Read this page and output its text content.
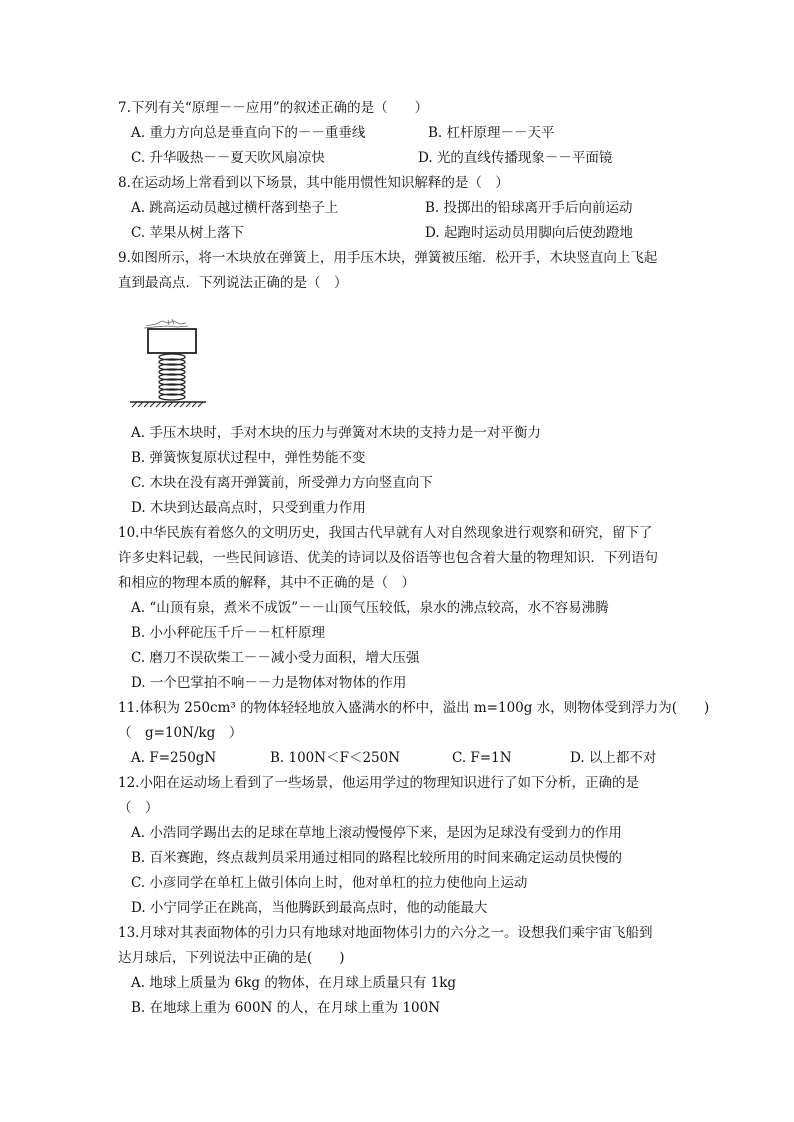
7.下列有关“原理－－应用”的叙述正确的是（　　）
A. 重力方向总是垂直向下的－－重垂线	B. 杠杆原理－－天平
C. 升华吸热－－夏天吹风扇凉快	D. 光的直线传播现象－－平面镜
8.在运动场上常看到以下场景，其中能用惯性知识解释的是（　）
A. 跳高运动员越过横杆落到垫子上	B. 投掷出的铅球离开手后向前运动
C. 苹果从树上落下	D. 起跑时运动员用脚向后使劲蹬地
9.如图所示，将一木块放在弹簧上，用手压木块，弹簧被压缩．松开手，木块竖直向上飞起
直到最高点．下列说法正确的是（　）
A. 手压木块时，手对木块的压力与弹簧对木块的支持力是一对平衡力
B. 弹簧恢复原状过程中，弹性势能不变
C. 木块在没有离开弹簧前，所受弹力方向竖直向下
D. 木块到达最高点时，只受到重力作用
10.中华民族有着悠久的文明历史，我国古代早就有人对自然现象进行观察和研究，留下了
许多史料记载，一些民间谚语、优美的诗词以及俗语等也包含着大量的物理知识．下列语句
和相应的物理本质的解释，其中不正确的是（　）
A. “山顶有泉，煮米不成饭”－－山顶气压较低，泉水的沸点较高，水不容易沸腾
B. 小小秤砣压千斤－－杠杆原理
C. 磨刀不误砍柴工－－减小受力面积，增大压强
D. 一个巴掌拍不响－－力是物体对物体的作用
11.体积为 250cm³ 的物体轻轻地放入盛满水的杯中，溢出 m=100g 水，则物体受到浮力为(　　)
（　g=10N/kg　）
A. F=250gN	B. 100N＜F＜250N	C. F=1N	D. 以上都不对
12.小阳在运动场上看到了一些场景，他运用学过的物理知识进行了如下分析，正确的是
（　）
A. 小浩同学踢出去的足球在草地上滚动慢慢停下来，是因为足球没有受到力的作用
B. 百米赛跑，终点裁判员采用通过相同的路程比较所用的时间来确定运动员快慢的
C. 小彦同学在单杠上做引体向上时，他对单杠的拉力使他向上运动
D. 小宁同学正在跳高，当他腾跃到最高点时，他的动能最大
13.月球对其表面物体的引力只有地球对地面物体引力的六分之一。设想我们乘宇宙飞船到
达月球后，下列说法中正确的是(　　)
A. 地球上质量为 6kg 的物体，在月球上质量只有 1kg
B. 在地球上重为 600N 的人，在月球上重为 100N
